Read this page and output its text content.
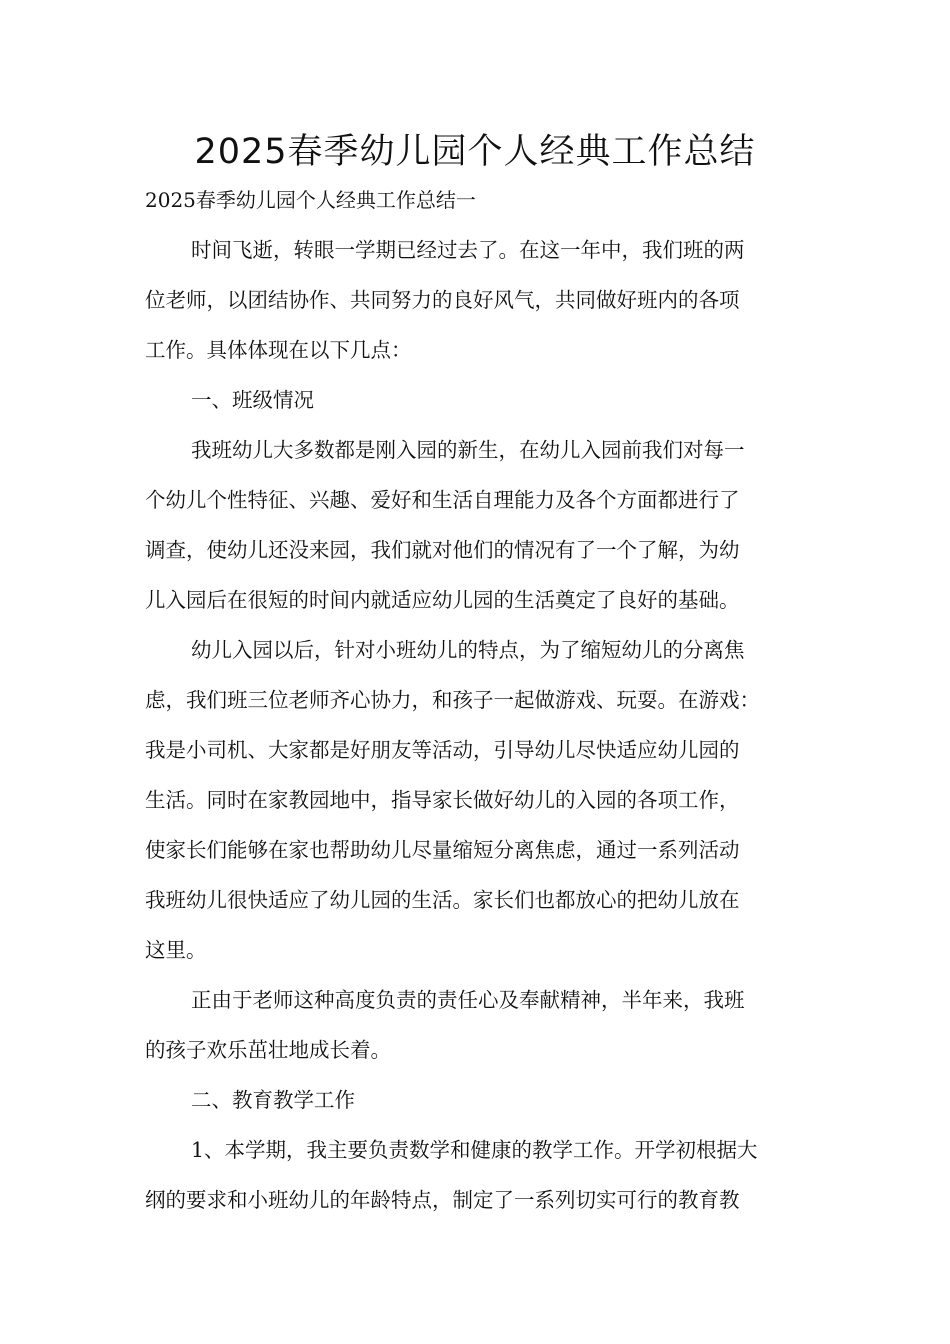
2025春季幼儿园个人经典工作总结

2025春季幼儿园个人经典工作总结一

时间飞逝，转眼一学期已经过去了。在这一年中，我们班的两

位老师，以团结协作、共同努力的良好风气，共同做好班内的各项

工作。具体体现在以下几点：

一、班级情况

我班幼儿大多数都是刚入园的新生，在幼儿入园前我们对每一

个幼儿个性特征、兴趣、爱好和生活自理能力及各个方面都进行了

调查，使幼儿还没来园，我们就对他们的情况有了一个了解，为幼

儿入园后在很短的时间内就适应幼儿园的生活奠定了良好的基础。

幼儿入园以后，针对小班幼儿的特点，为了缩短幼儿的分离焦

虑，我们班三位老师齐心协力，和孩子一起做游戏、玩耍。在游戏：

我是小司机、大家都是好朋友等活动，引导幼儿尽快适应幼儿园的

生活。同时在家教园地中，指导家长做好幼儿的入园的各项工作，

使家长们能够在家也帮助幼儿尽量缩短分离焦虑，通过一系列活动

我班幼儿很快适应了幼儿园的生活。家长们也都放心的把幼儿放在

这里。

正由于老师这种高度负责的责任心及奉献精神，半年来，我班

的孩子欢乐茁壮地成长着。

二、教育教学工作

1、本学期，我主要负责数学和健康的教学工作。开学初根据大

纲的要求和小班幼儿的年龄特点，制定了一系列切实可行的教育教
